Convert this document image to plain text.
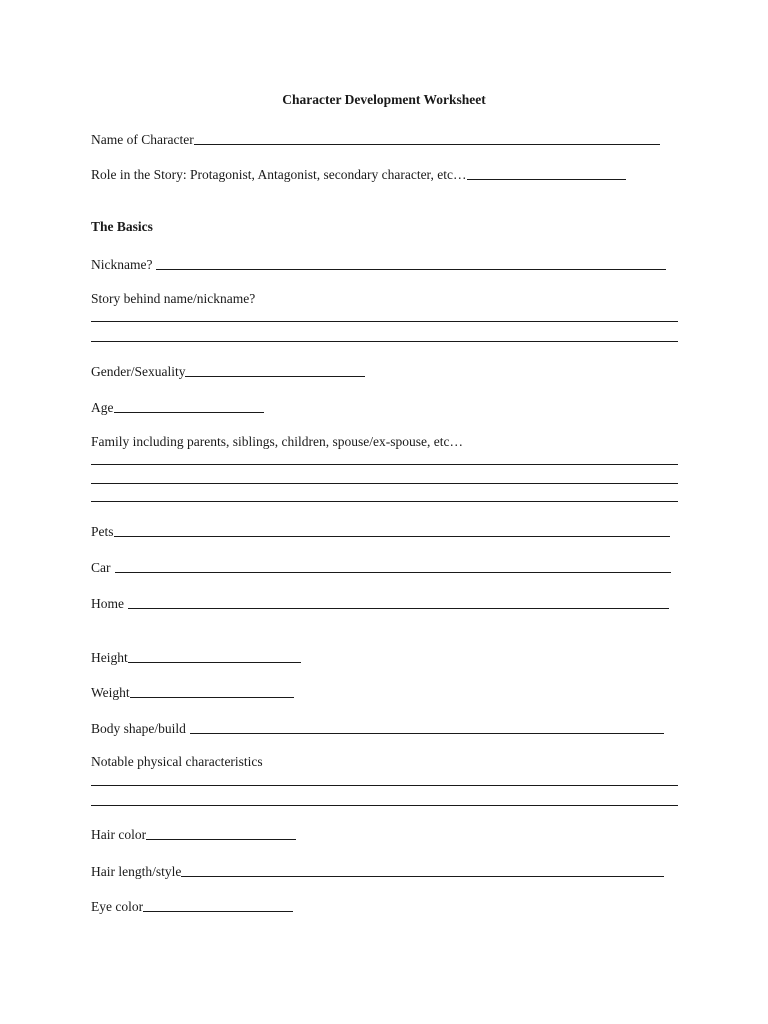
Character Development Worksheet
Name of Character
Role in the Story: Protagonist, Antagonist, secondary character, etc…
The Basics
Nickname?
Story behind name/nickname?
Gender/Sexuality
Age
Family including parents, siblings, children, spouse/ex-spouse, etc…
Pets
Car
Home
Height
Weight
Body shape/build
Notable physical characteristics
Hair color
Hair length/style
Eye color
